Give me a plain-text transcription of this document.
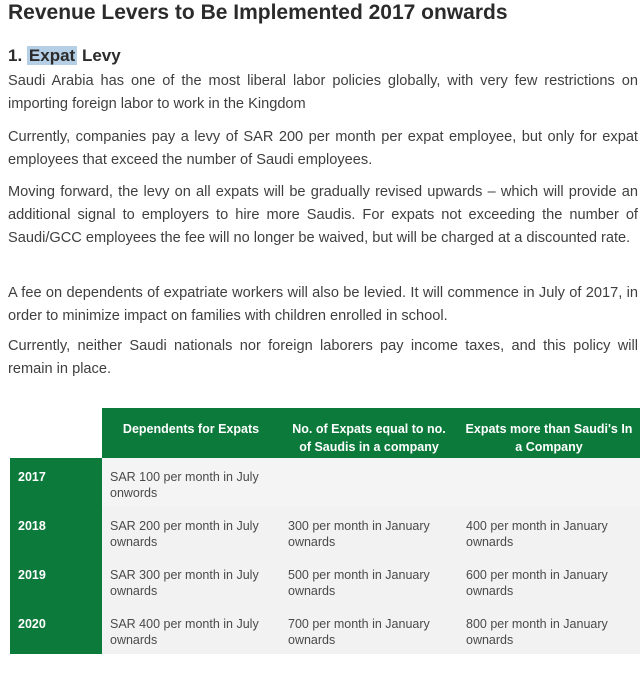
Revenue Levers to Be Implemented 2017 onwards
1. Expat Levy

Saudi Arabia has one of the most liberal labor policies globally, with very few restrictions on importing foreign labor to work in the Kingdom

Currently, companies pay a levy of SAR 200 per month per expat employee, but only for expat employees that exceed the number of Saudi employees.

Moving forward, the levy on all expats will be gradually revised upwards – which will provide an additional signal to employers to hire more Saudis. For expats not exceeding the number of Saudi/GCC employees the fee will no longer be waived, but will be charged at a discounted rate.

A fee on dependents of expatriate workers will also be levied. It will commence in July of 2017, in order to minimize impact on families with children enrolled in school.

Currently, neither Saudi nationals nor foreign laborers pay income taxes, and this policy will remain in place.

	Dependents for Expats	No. of Expats equal to no. of Saudis in a company	Expats more than Saudi's In a Company
2017	SAR 100 per month in July onwords		
2018	SAR 200 per month in July ownards	300 per month in January ownards	400 per month in January ownards
2019	SAR 300 per month in July ownards	500 per month in January ownards	600 per month in January ownards
2020	SAR 400 per month in July ownards	700 per month in January ownards	800 per month in January ownards
